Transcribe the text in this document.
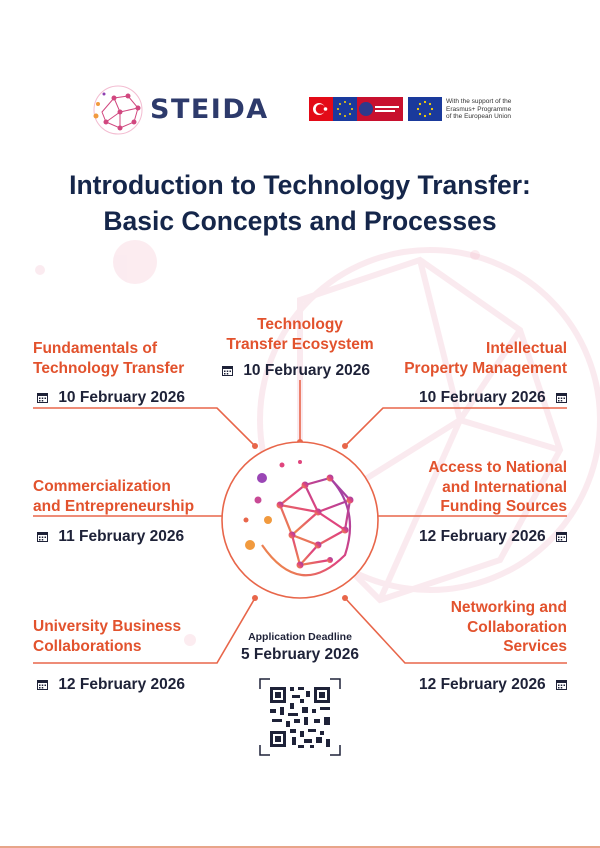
STEIDA	With the support of the
Erasmus+ Programme
of the European Union
Introduction to Technology Transfer:
Basic Concepts and Processes
Fundamentals of
Technology Transfer
10 February 2026
Technology
Transfer Ecosystem
10 February 2026
Intellectual
Property Management
10 February 2026
Commercialization
and Entrepreneurship
11 February 2026
Access to National
and International
Funding Sources
12 February 2026
University Business
Collaborations
12 February 2026
Networking and
Collaboration
Services
12 February 2026
Application Deadline
5 February 2026
